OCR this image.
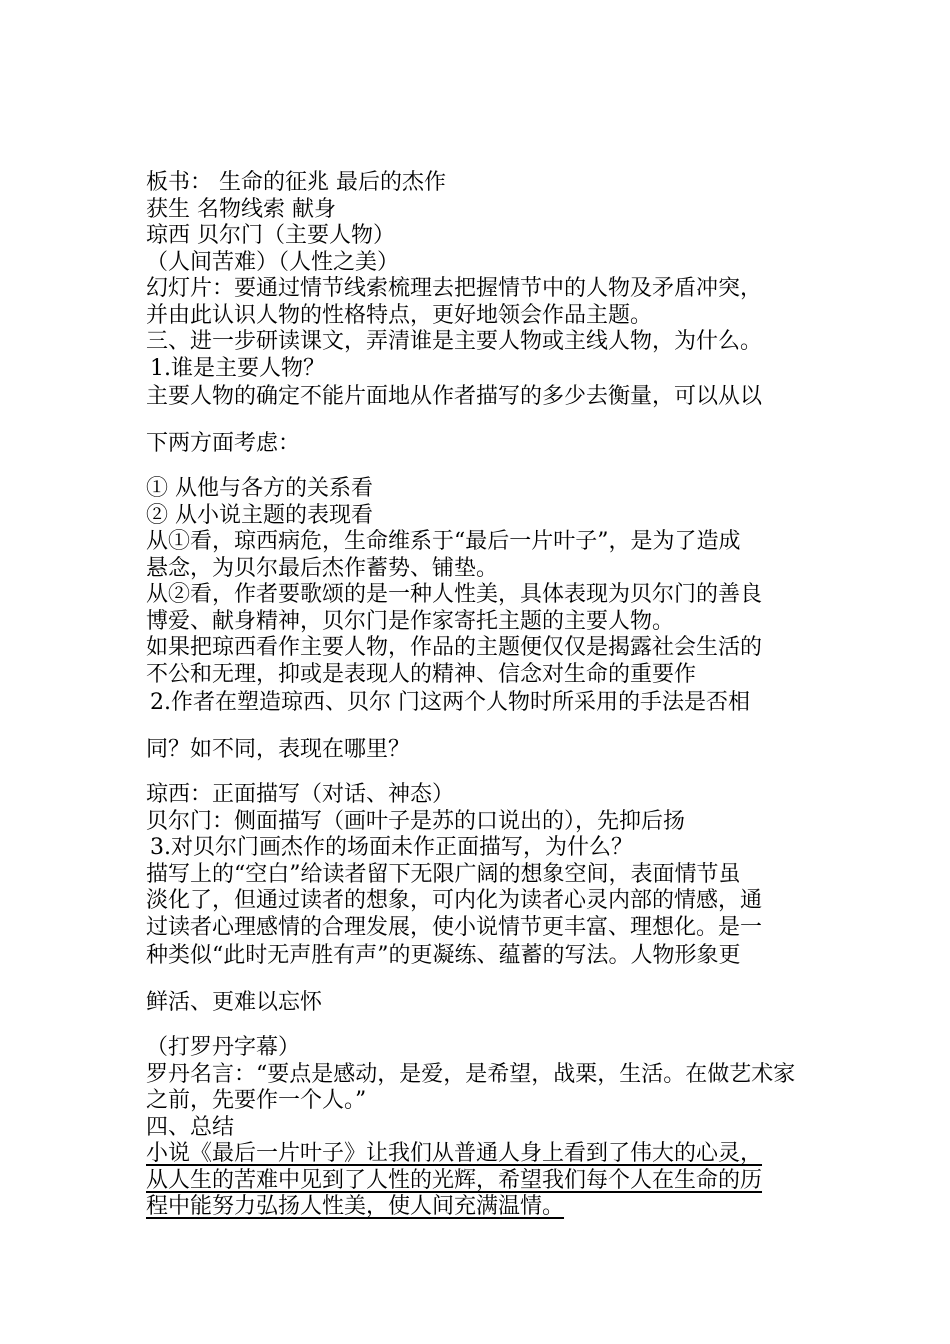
板书： 生命的征兆 最后的杰作

获生 名物线索 献身

琼西 贝尔门（主要人物）

（人间苦难）（人性之美）

幻灯片：要通过情节线索梳理去把握情节中的人物及矛盾冲突，

并由此认识人物的性格特点，更好地领会作品主题。

三、进一步研读课文，弄清谁是主要人物或主线人物，为什么。

1.谁是主要人物？

主要人物的确定不能片面地从作者描写的多少去衡量，可以从以

下两方面考虑：

① 从他与各方的关系看

② 从小说主题的表现看

从①看，琼西病危，生命维系于“最后一片叶子”，是为了造成

悬念，为贝尔最后杰作蓄势、铺垫。

从②看，作者要歌颂的是一种人性美，具体表现为贝尔门的善良

博爱、献身精神，贝尔门是作家寄托主题的主要人物。

如果把琼西看作主要人物，作品的主题便仅仅是揭露社会生活的

不公和无理，抑或是表现人的精神、信念对生命的重要作

2.作者在塑造琼西、贝尔 门这两个人物时所采用的手法是否相

同？如不同，表现在哪里？

琼西：正面描写（对话、神态）

贝尔门：侧面描写（画叶子是苏的口说出的），先抑后扬

3.对贝尔门画杰作的场面未作正面描写，为什么？

描写上的“空白”给读者留下无限广阔的想象空间，表面情节虽

淡化了，但通过读者的想象，可内化为读者心灵内部的情感，通

过读者心理感情的合理发展，使小说情节更丰富、理想化。是一

种类似“此时无声胜有声”的更凝练、蕴蓄的写法。人物形象更

鲜活、更难以忘怀

（打罗丹字幕）

罗丹名言：“要点是感动，是爱，是希望，战栗，生活。在做艺术家

之前，先要作一个人。”

四、总结

小说《最后一片叶子》让我们从普通人身上看到了伟大的心灵，

从人生的苦难中见到了人性的光辉，希望我们每个人在生命的历

程中能努力弘扬人性美，使人间充满温情。
